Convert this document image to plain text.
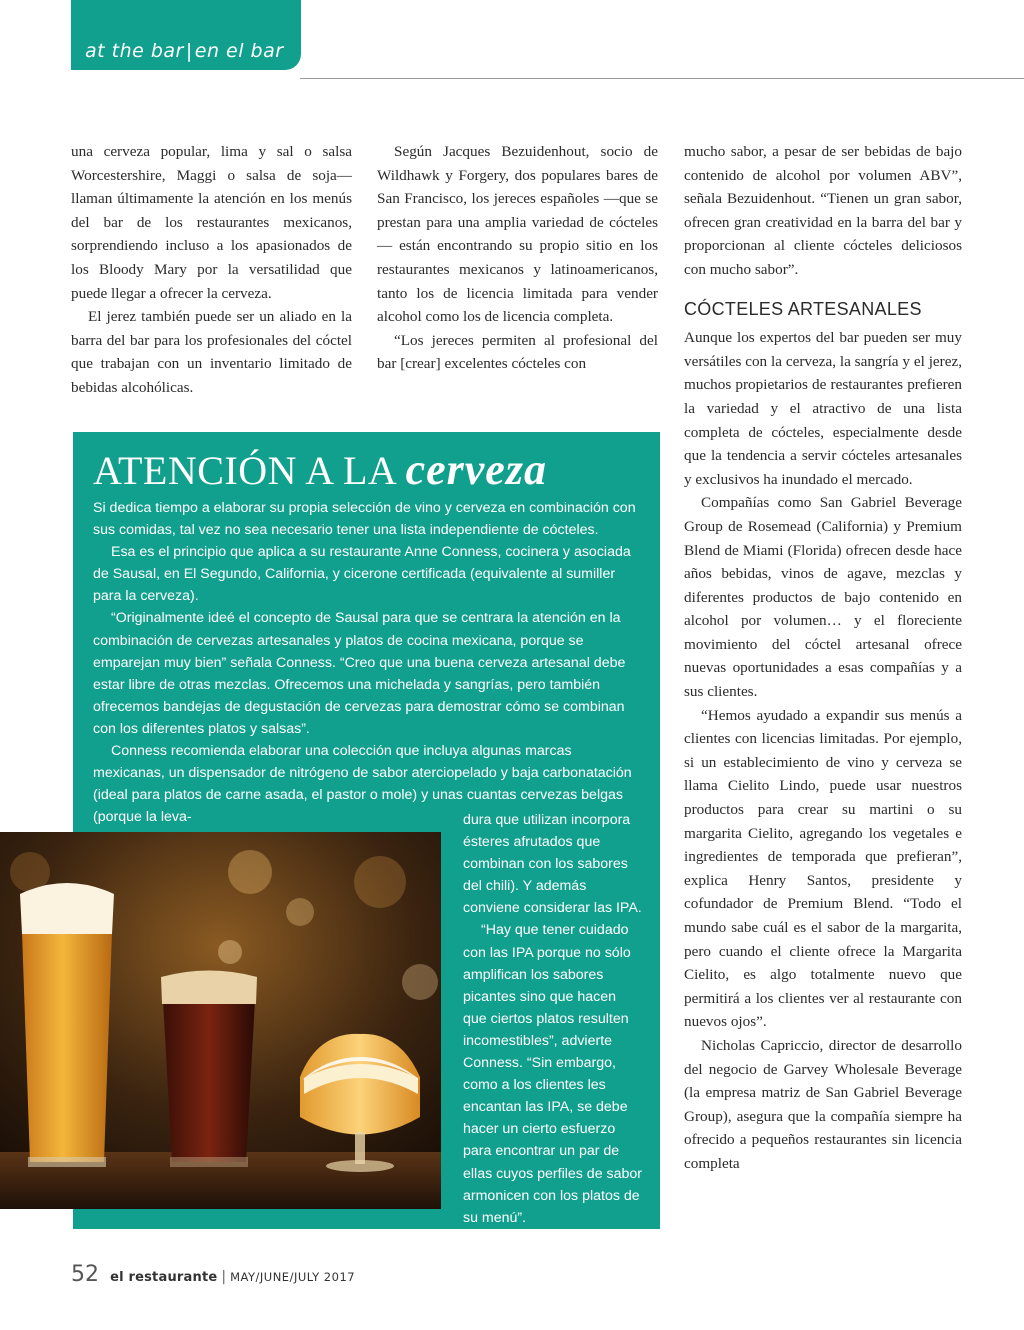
at the bar | en el bar

una cerveza popular, lima y sal o salsa Worcestershire, Maggi o salsa de soja— llaman últimamente la atención en los menús del bar de los restaurantes mexicanos, sorprendiendo incluso a los apasionados de los Bloody Mary por la versatilidad que puede llegar a ofrecer la cerveza.

El jerez también puede ser un aliado en la barra del bar para los profesionales del cóctel que trabajan con un inventario limitado de bebidas alcohólicas.

Según Jacques Bezuidenhout, socio de Wildhawk y Forgery, dos populares bares de San Francisco, los jereces españoles —que se prestan para una amplia variedad de cócteles— están encontrando su propio sitio en los restaurantes mexicanos y latinoamericanos, tanto los de licencia limitada para vender alcohol como los de licencia completa.

“Los jereces permiten al profesional del bar [crear] excelentes cócteles con

mucho sabor, a pesar de ser bebidas de bajo contenido de alcohol por volumen ABV”, señala Bezuidenhout. “Tienen un gran sabor, ofrecen gran creatividad en la barra del bar y proporcionan al cliente cócteles deliciosos con mucho sabor”.

CÓCTELES ARTESANALES

Aunque los expertos del bar pueden ser muy versátiles con la cerveza, la sangría y el jerez, muchos propietarios de restaurantes prefieren la variedad y el atractivo de una lista completa de cócteles, especialmente desde que la tendencia a servir cócteles artesanales y exclusivos ha inundado el mercado.

Compañías como San Gabriel Beverage Group de Rosemead (California) y Premium Blend de Miami (Florida) ofrecen desde hace años bebidas, vinos de agave, mezclas y diferentes productos de bajo contenido en alcohol por volumen… y el floreciente movimiento del cóctel artesanal ofrece nuevas oportunidades a esas compañías y a sus clientes.

“Hemos ayudado a expandir sus menús a clientes con licencias limitadas. Por ejemplo, si un establecimiento de vino y cerveza se llama Cielito Lindo, puede usar nuestros productos para crear su martini o su margarita Cielito, agregando los vegetales e ingredientes de temporada que prefieran”, explica Henry Santos, presidente y cofundador de Premium Blend. “Todo el mundo sabe cuál es el sabor de la margarita, pero cuando el cliente ofrece la Margarita Cielito, es algo totalmente nuevo que permitirá a los clientes ver al restaurante con nuevos ojos”.

Nicholas Capriccio, director de desarrollo del negocio de Garvey Wholesale Beverage (la empresa matriz de San Gabriel Beverage Group), asegura que la compañía siempre ha ofrecido a pequeños restaurantes sin licencia completa

ATENCIÓN A LA cerveza

Si dedica tiempo a elaborar su propia selección de vino y cerveza en combinación con sus comidas, tal vez no sea necesario tener una lista independiente de cócteles.

Esa es el principio que aplica a su restaurante Anne Conness, cocinera y asociada de Sausal, en El Segundo, California, y cicerone certificada (equivalente al sumiller para la cerveza).

“Originalmente ideé el concepto de Sausal para que se centrara la atención en la combinación de cervezas artesanales y platos de cocina mexicana, porque se emparejan muy bien” señala Conness. “Creo que una buena cerveza artesanal debe estar libre de otras mezclas. Ofrecemos una michelada y sangrías, pero también ofrecemos bandejas de degustación de cervezas para demostrar cómo se combinan con los diferentes platos y salsas”.

Conness recomienda elaborar una colección que incluya algunas marcas mexicanas, un dispensador de nitrógeno de sabor aterciopelado y baja carbonatación (ideal para platos de carne asada, el pastor o mole) y unas cuantas cervezas belgas (porque la leva-	dura que utilizan incorpora ésteres afrutados que combinan con los sabores del chili). Y además conviene considerar las IPA.

“Hay que tener cuidado con las IPA porque no sólo amplifican los sabores picantes sino que hacen que ciertos platos resulten incomestibles”, advierte Conness. “Sin embargo, como a los clientes les encantan las IPA, se debe hacer un cierto esfuerzo para encontrar un par de ellas cuyos perfiles de sabor armonicen con los platos de su menú”.

52 el restaurante | MAY/JUNE/JULY 2017
